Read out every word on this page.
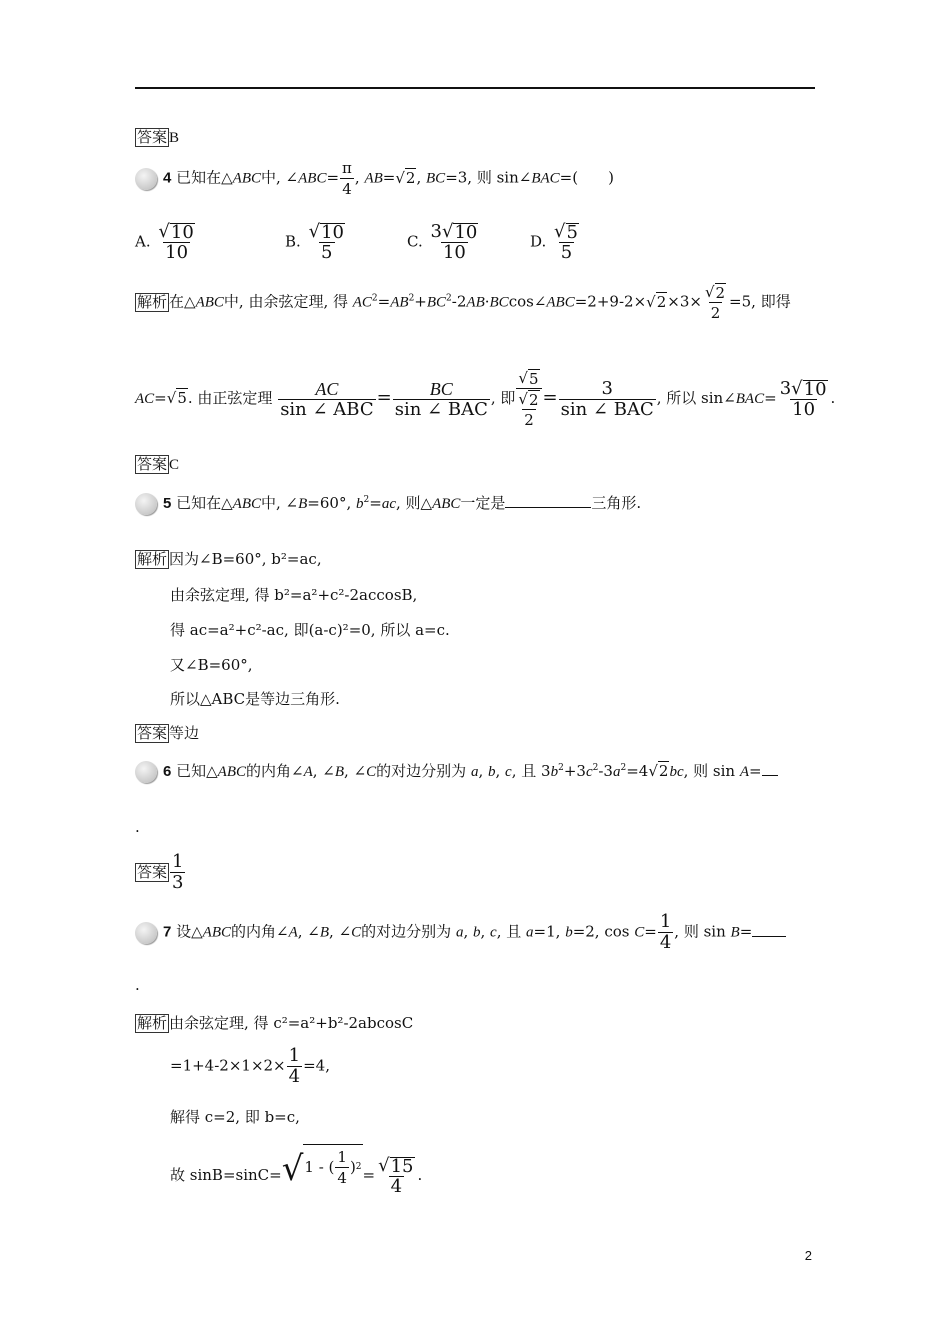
答案 B
4 已知在△ABC中, ∠ABC= $\frac{\pi}{4}$ , AB= √ 2 , BC=3, 则 sin∠BAC=(　　)
A. $\frac{√ 10}{10}$	B. $\frac{√ 10}{5}$	C. $\frac{3 √ 10}{10}$	D. $\frac{√ 5}{5}$
解析 在△ABC中, 由余弦定理, 得 $AC^2=AB^2+BC^2-2AB\cdot BCcos\angle ABC=2+9-2\times$ √ $2 \times 3\times \frac{√ 2}{2} =5$, 即得
AC= √ 5 . 由正弦定理 $\frac{AC}{\text{sin ∠ ABC}} = \frac{BC}{\text{sin ∠ BAC}}$ , 即 √ 5
√ 2
$2 = \frac{3}{\text{sin ∠ BAC}}$ , 所以 sin∠BAC= $\frac{3 √ 10}{10}$ .
答案 C
5 已知在△ABC中, ∠B=60°, $b^2=ac$, 则△ABC一定是	三角形.
解析 因为∠B=60°, b²=ac,
由余弦定理, 得 b²=a²+c²-2accosB,
得 ac=a²+c²-ac, 即(a-c)²=0, 所以 a=c.
又∠B=60°,
所以△ABC是等边三角形.
答案 等边
6 已知△ABC的内角∠A, ∠B, ∠C的对边分别为 a, b, c, 且 $3b^2+3c^2-3a^2=4$ √ 2 bc, 则 sin A=
.
答案 $\frac{1}{3}$
7 设△ABC的内角∠A, ∠B, ∠C的对边分别为 a, b, c, 且 a=1, b=2, $\cos C= \frac{1}{4}$ , 则 sin B=
.
解析 由余弦定理, 得 c²=a²+b²-2abcosC
$=1+4-2\times 1\times 2\times \frac{1}{4} =4$,
解得 c=2, 即 b=c,
故 sinB=sinC= √ 1 - ( $\frac{1}{4}$ ) $2 = \frac{√ 15}{4}$ .
2
